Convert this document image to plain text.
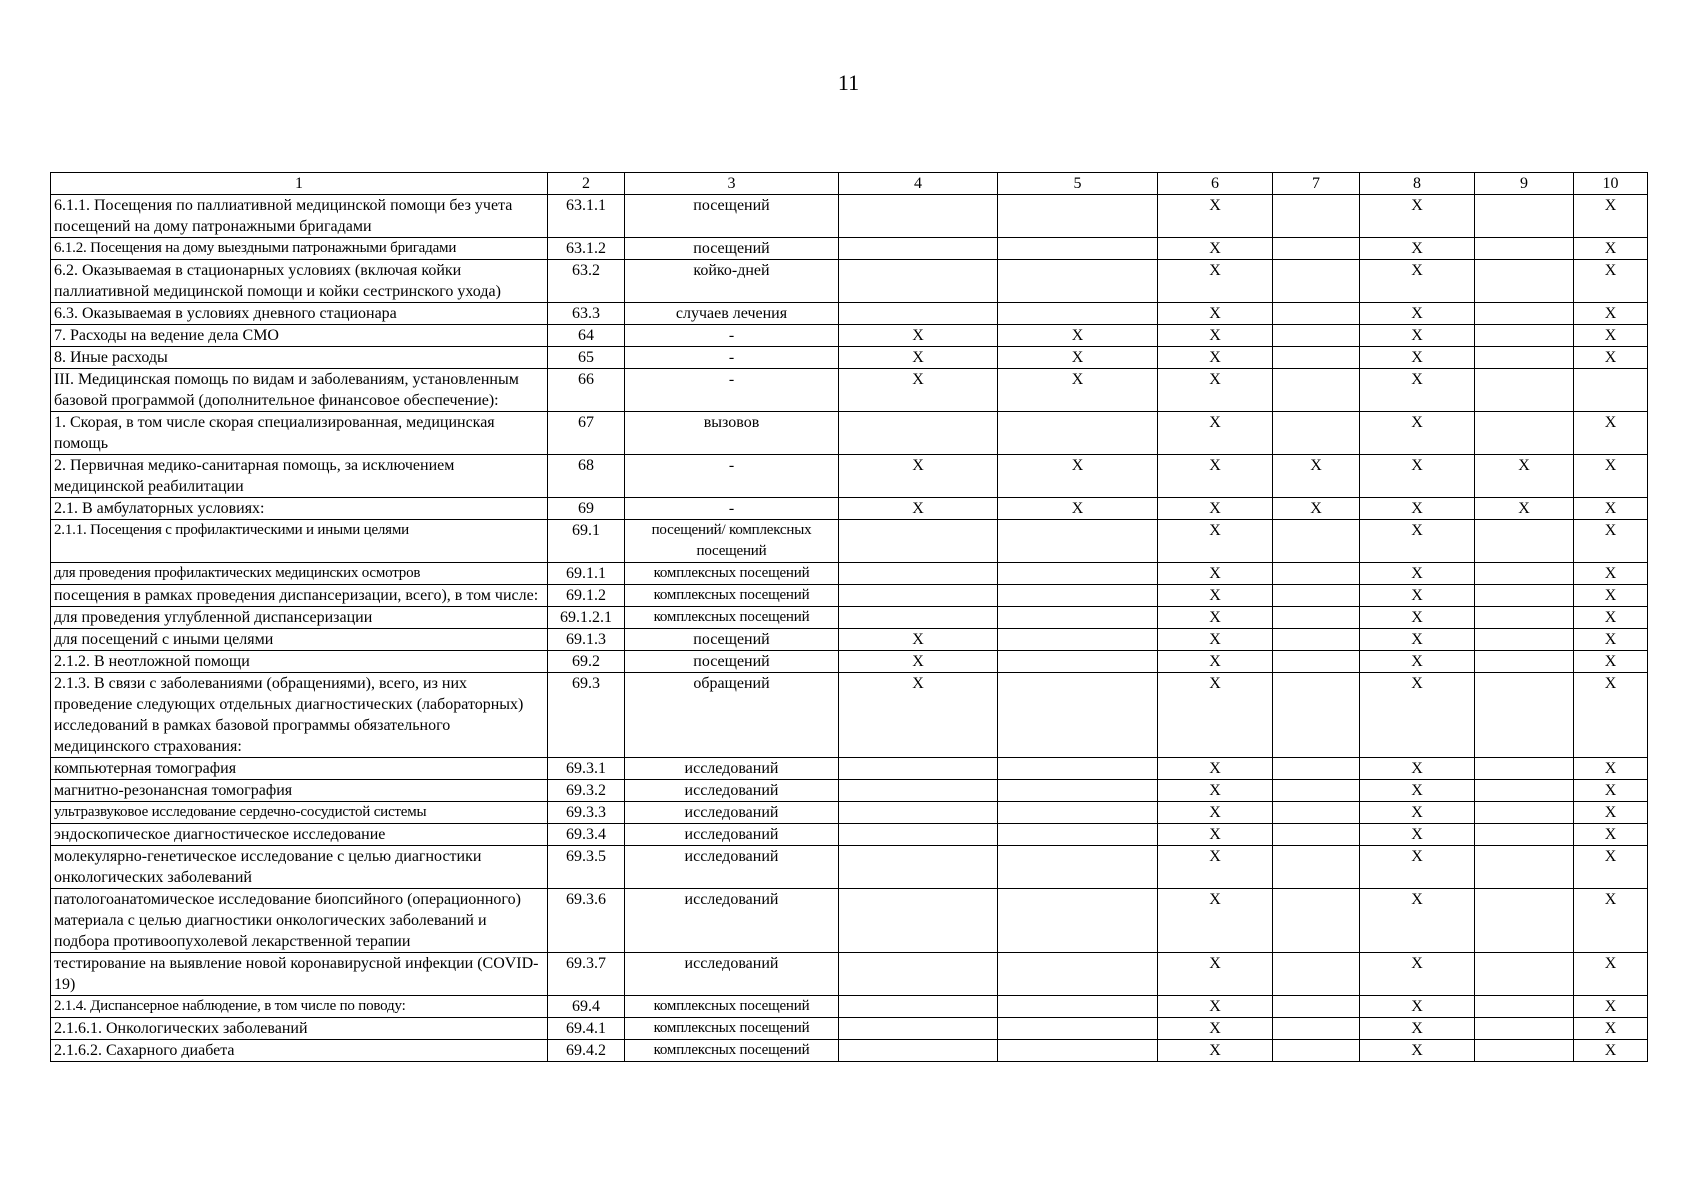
11
1	2	3	4	5	6	7	8	9	10
6.1.1. Посещения по паллиативной медицинской помощи без учета посещений на дому патронажными бригадами	63.1.1	посещений			Х		Х		Х
6.1.2. Посещения на дому выездными патронажными бригадами	63.1.2	посещений			Х		Х		Х
6.2. Оказываемая в стационарных условиях (включая койки паллиативной медицинской помощи и койки сестринского ухода)	63.2	койко-дней			Х		Х		Х
6.3. Оказываемая в условиях дневного стационара	63.3	случаев лечения			Х		Х		Х
7. Расходы на ведение дела СМО	64	-	Х	Х	Х		Х		Х
8. Иные расходы	65	-	Х	Х	Х		Х		Х
III. Медицинская помощь по видам и заболеваниям, установленным базовой программой (дополнительное финансовое обеспечение):	66	-	Х	Х	Х		Х		
1. Скорая, в том числе скорая специализированная, медицинская помощь	67	вызовов			Х		Х		Х
2. Первичная медико-санитарная помощь, за исключением медицинской реабилитации	68	-	Х	Х	Х	Х	Х	Х	Х
2.1. В амбулаторных условиях:	69	-	Х	Х	Х	Х	Х	Х	Х
2.1.1. Посещения с профилактическими и иными целями	69.1	посещений/ комплексных посещений			Х		Х		Х
для проведения профилактических медицинских осмотров	69.1.1	комплексных посещений			Х		Х		Х
посещения в рамках проведения диспансеризации, всего), в том числе:	69.1.2	комплексных посещений			Х		Х		Х
для проведения углубленной диспансеризации	69.1.2.1	комплексных посещений			Х		Х		Х
для посещений с иными целями	69.1.3	посещений	Х		Х		Х		Х
2.1.2. В неотложной помощи	69.2	посещений	Х		Х		Х		Х
2.1.3. В связи с заболеваниями (обращениями), всего, из них проведение следующих отдельных диагностических (лабораторных) исследований в рамках базовой программы обязательного медицинского страхования:	69.3	обращений	Х		Х		Х		Х
компьютерная томография	69.3.1	исследований			Х		Х		Х
магнитно-резонансная томография	69.3.2	исследований			Х		Х		Х
ультразвуковое исследование сердечно-сосудистой системы	69.3.3	исследований			Х		Х		Х
эндоскопическое диагностическое исследование	69.3.4	исследований			Х		Х		Х
молекулярно-генетическое исследование с целью диагностики онкологических заболеваний	69.3.5	исследований			Х		Х		Х
патологоанатомическое исследование биопсийного (операционного) материала с целью диагностики онкологических заболеваний и подбора противоопухолевой лекарственной терапии	69.3.6	исследований			Х		Х		Х
тестирование на выявление новой коронавирусной инфекции (COVID-19)	69.3.7	исследований			Х		Х		Х
2.1.4. Диспансерное наблюдение, в том числе по поводу:	69.4	комплексных посещений			Х		Х		Х
2.1.6.1. Онкологических заболеваний	69.4.1	комплексных посещений			Х		Х		Х
2.1.6.2. Сахарного диабета	69.4.2	комплексных посещений			Х		Х		Х
